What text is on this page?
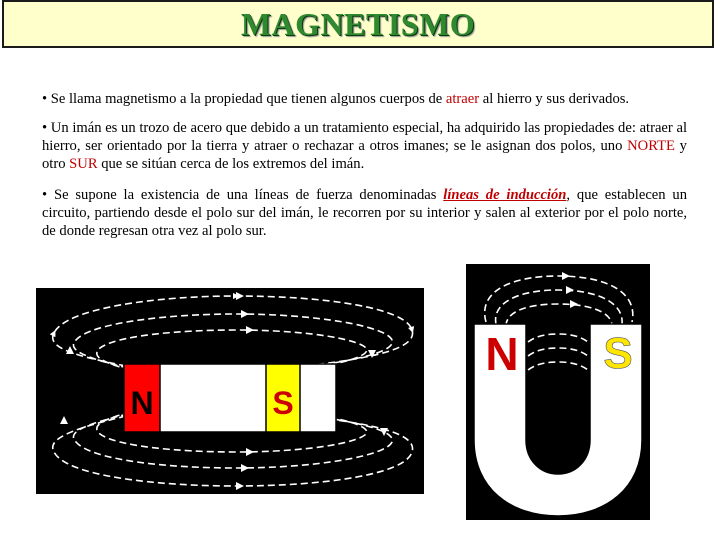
MAGNETISMO
• Se llama magnetismo a la propiedad que tienen algunos cuerpos de atraer al hierro y sus derivados.
• Un imán es un trozo de acero que debido a un tratamiento especial, ha adquirido las propiedades de: atraer al hierro, ser orientado por la tierra y atraer o rechazar a otros imanes; se le asignan dos polos, uno NORTE y otro SUR que se sitúan cerca de los extremos del imán.
• Se supone la existencia de una líneas de fuerza denominadas líneas de inducción, que establecen un circuito, partiendo desde el polo sur del imán, le recorren por su interior y salen al exterior por el polo norte, de donde regresan otra vez al polo sur.
N	S
N S
16
